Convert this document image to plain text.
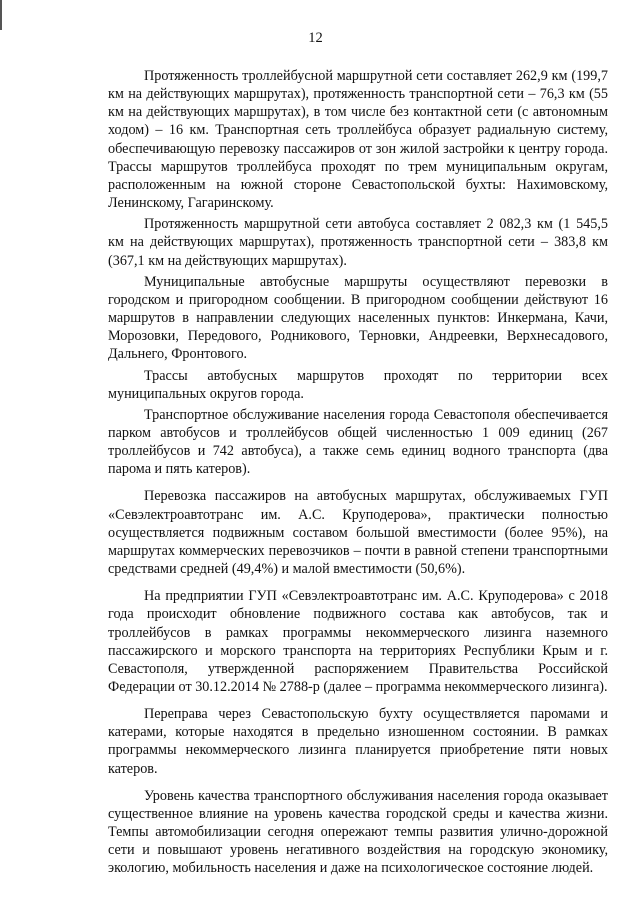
12

Протяженность троллейбусной маршрутной сети составляет 262,9 км (199,7 км на действующих маршрутах), протяженность транспортной сети – 76,3 км (55 км на действующих маршрутах), в том числе без контактной сети (с автономным ходом) – 16 км. Транспортная сеть троллейбуса образует радиальную систему, обеспечивающую перевозку пассажиров от зон жилой застройки к центру города. Трассы маршрутов троллейбуса проходят по трем муниципальным округам, расположенным на южной стороне Севастопольской бухты: Нахимовскому, Ленинскому, Гагаринскому.

Протяженность маршрутной сети автобуса составляет 2 082,3 км (1 545,5 км на действующих маршрутах), протяженность транспортной сети – 383,8 км (367,1 км на действующих маршрутах).

Муниципальные автобусные маршруты осуществляют перевозки в городском и пригородном сообщении. В пригородном сообщении действуют 16 маршрутов в направлении следующих населенных пунктов: Инкермана, Качи, Морозовки, Передового, Родникового, Терновки, Андреевки, Верхнесадового, Дальнего, Фронтового.

Трассы автобусных маршрутов проходят по территории всех муниципальных округов города.

Транспортное обслуживание населения города Севастополя обеспечивается парком автобусов и троллейбусов общей численностью 1 009 единиц (267 троллейбусов и 742 автобуса), а также семь единиц водного транспорта (два парома и пять катеров).

Перевозка пассажиров на автобусных маршрутах, обслуживаемых ГУП «Севэлектроавтотранс им. А.С. Круподерова», практически полностью осуществляется подвижным составом большой вместимости (более 95%), на маршрутах коммерческих перевозчиков – почти в равной степени транспортными средствами средней (49,4%) и малой вместимости (50,6%).

На предприятии ГУП «Севэлектроавтотранс им. А.С. Круподерова» с 2018 года происходит обновление подвижного состава как автобусов, так и троллейбусов в рамках программы некоммерческого лизинга наземного пассажирского и морского транспорта на территориях Республики Крым и г. Севастополя, утвержденной распоряжением Правительства Российской Федерации от 30.12.2014 № 2788-р (далее – программа некоммерческого лизинга).

Переправа через Севастопольскую бухту осуществляется паромами и катерами, которые находятся в предельно изношенном состоянии. В рамках программы некоммерческого лизинга планируется приобретение пяти новых катеров.

Уровень качества транспортного обслуживания населения города оказывает существенное влияние на уровень качества городской среды и качества жизни. Темпы автомобилизации сегодня опережают темпы развития улично-дорожной сети и повышают уровень негативного воздействия на городскую экономику, экологию, мобильность населения и даже на психологическое состояние людей.
